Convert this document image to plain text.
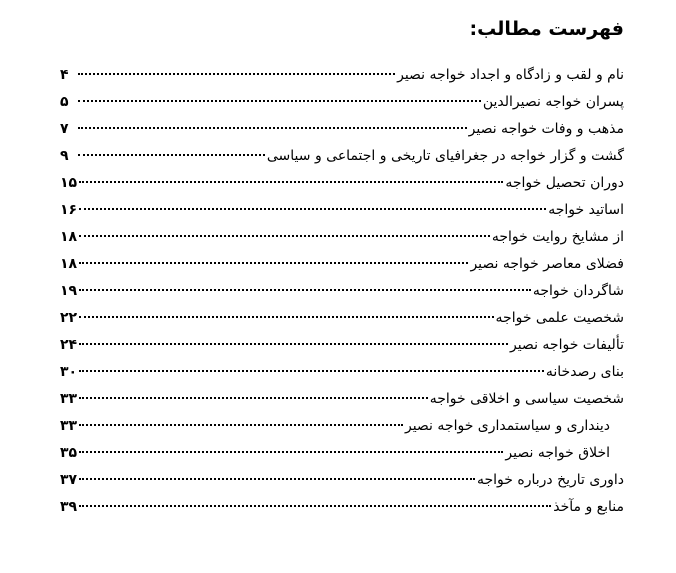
فهرست مطالب:
نام و لقب و زادگاه و اجداد خواجه نصیر
۴
پسران خواجه نصیرالدین
۵
مذهب و وفات خواجه نصیر
۷
گشت و گزار خواجه در جغرافیای تاریخی و اجتماعی و سیاسی
۹
دوران تحصیل خواجه
۱۵
اساتید خواجه
۱۶
از مشایخ روایت خواجه
۱۸
فضلای معاصر خواجه نصیر
۱۸
شاگردان خواجه
۱۹
شخصیت علمی خواجه
۲۲
تألیفات خواجه نصیر
۲۴
بنای رصدخانه
۳۰
شخصیت سیاسی و اخلاقی خواجه
۳۳
دینداری و سیاستمداری خواجه نصیر
۳۳
اخلاق خواجه نصیر
۳۵
داوری تاریخ درباره خواجه
۳۷
منابع و مآخذ
۳۹
